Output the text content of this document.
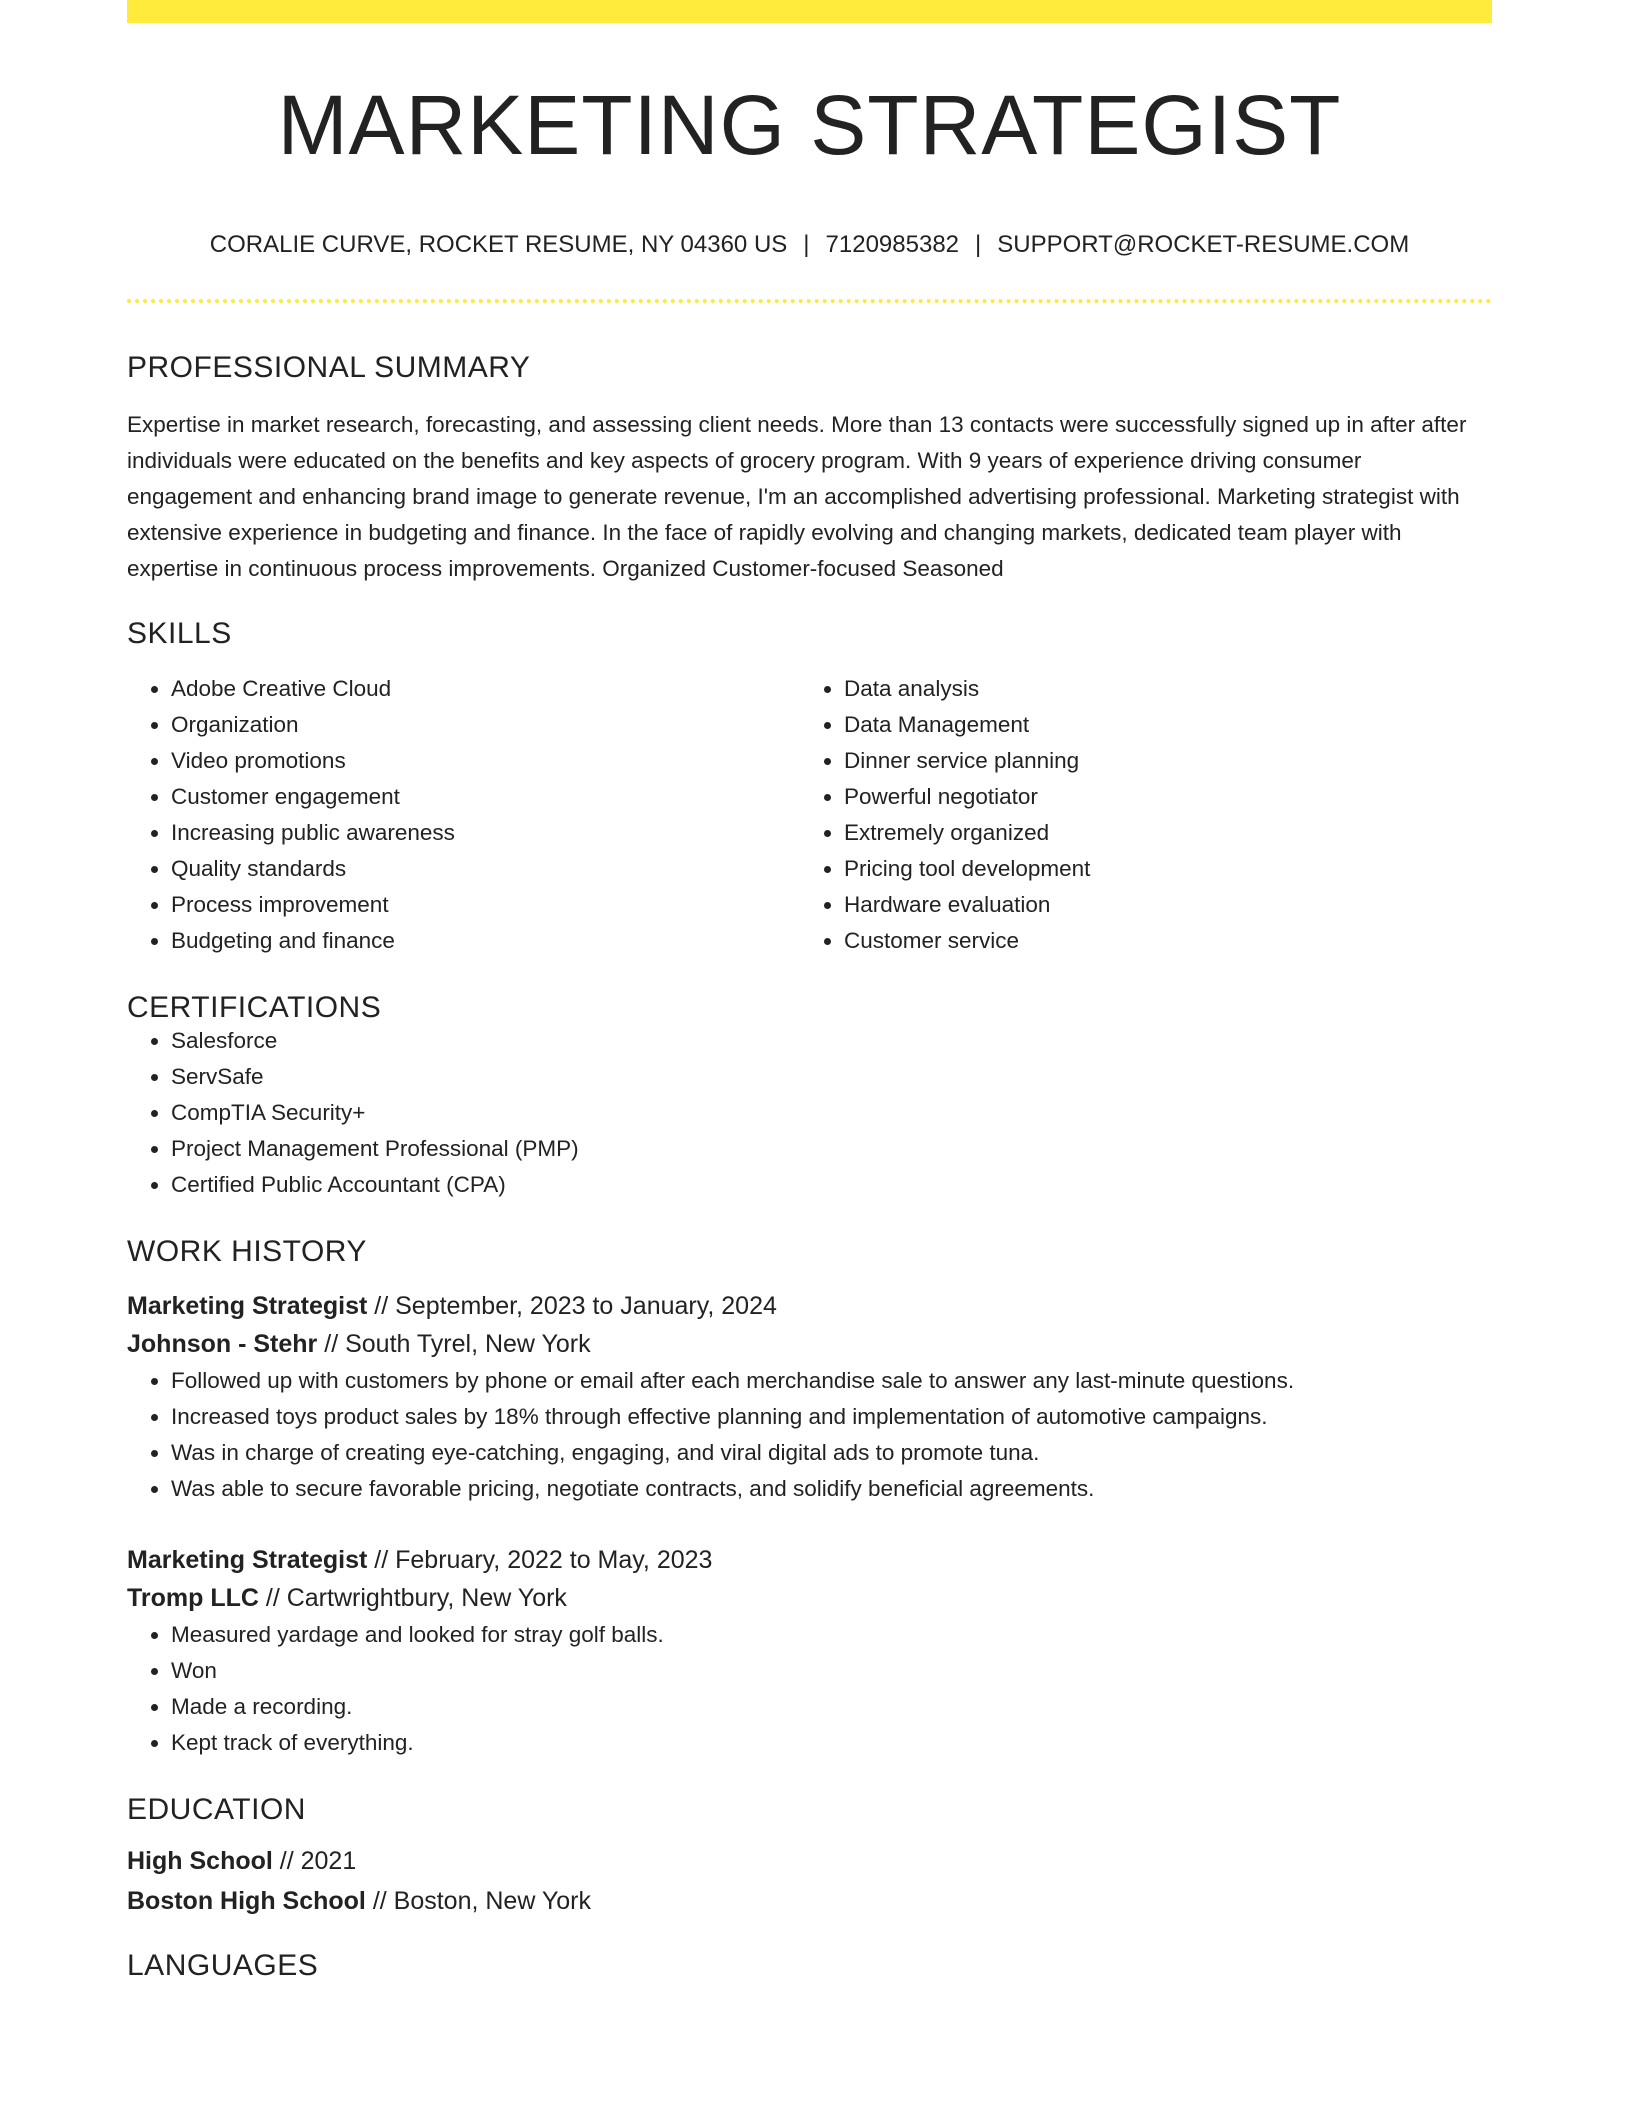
MARKETING STRATEGIST
CORALIE CURVE, ROCKET RESUME, NY 04360 US | 7120985382 | SUPPORT@ROCKET-RESUME.COM
PROFESSIONAL SUMMARY
Expertise in market research, forecasting, and assessing client needs. More than 13 contacts were successfully signed up in after after individuals were educated on the benefits and key aspects of grocery program. With 9 years of experience driving consumer engagement and enhancing brand image to generate revenue, I'm an accomplished advertising professional. Marketing strategist with extensive experience in budgeting and finance. In the face of rapidly evolving and changing markets, dedicated team player with expertise in continuous process improvements. Organized Customer-focused Seasoned
SKILLS
• Adobe Creative Cloud
• Organization
• Video promotions
• Customer engagement
• Increasing public awareness
• Quality standards
• Process improvement
• Budgeting and finance
• Data analysis
• Data Management
• Dinner service planning
• Powerful negotiator
• Extremely organized
• Pricing tool development
• Hardware evaluation
• Customer service
CERTIFICATIONS
• Salesforce
• ServSafe
• CompTIA Security+
• Project Management Professional (PMP)
• Certified Public Accountant (CPA)
WORK HISTORY
Marketing Strategist // September, 2023 to January, 2024
Johnson - Stehr // South Tyrel, New York
• Followed up with customers by phone or email after each merchandise sale to answer any last-minute questions.
• Increased toys product sales by 18% through effective planning and implementation of automotive campaigns.
• Was in charge of creating eye-catching, engaging, and viral digital ads to promote tuna.
• Was able to secure favorable pricing, negotiate contracts, and solidify beneficial agreements.
Marketing Strategist // February, 2022 to May, 2023
Tromp LLC // Cartwrightbury, New York
• Measured yardage and looked for stray golf balls.
• Won
• Made a recording.
• Kept track of everything.
EDUCATION
High School // 2021
Boston High School // Boston, New York
LANGUAGES
